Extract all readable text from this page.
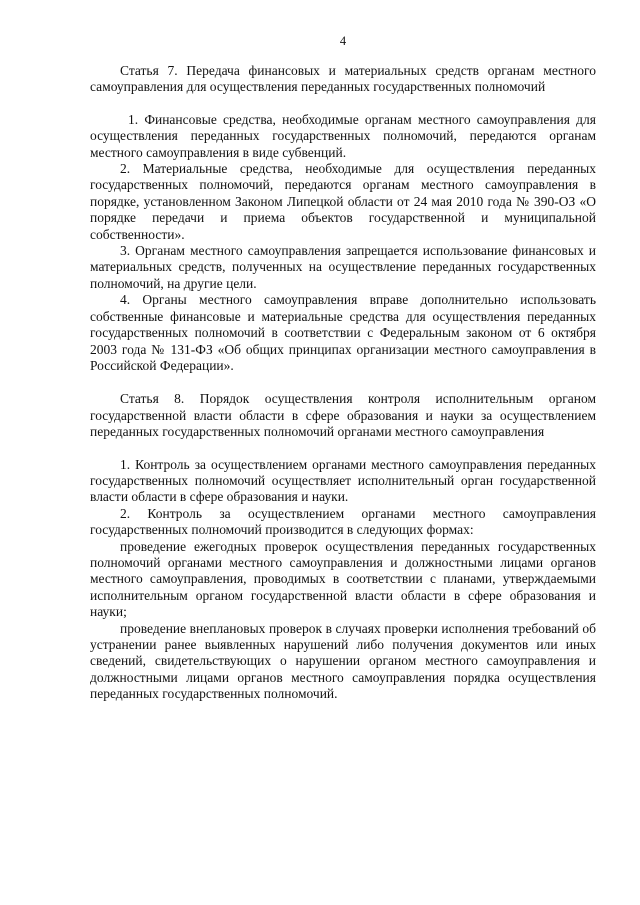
4

Статья 7. Передача финансовых и материальных средств органам местного самоуправления для осуществления переданных государственных полномочий

1. Финансовые средства, необходимые органам местного самоуправления для осуществления переданных государственных полномочий, передаются органам местного самоуправления в виде субвенций.

2. Материальные средства, необходимые для осуществления переданных государственных полномочий, передаются органам местного самоуправления в порядке, установленном Законом Липецкой области от 24 мая 2010 года № 390-ОЗ «О порядке передачи и приема объектов государственной и муниципальной собственности».

3. Органам местного самоуправления запрещается использование финансовых и материальных средств, полученных на осуществление переданных государственных полномочий, на другие цели.

4. Органы местного самоуправления вправе дополнительно использовать собственные финансовые и материальные средства для осуществления переданных государственных полномочий в соответствии с Федеральным законом от 6 октября 2003 года № 131-ФЗ «Об общих принципах организации местного самоуправления в Российской Федерации».

Статья 8. Порядок осуществления контроля исполнительным органом государственной власти области в сфере образования и науки за осуществлением переданных государственных полномочий органами местного самоуправления

1. Контроль за осуществлением органами местного самоуправления переданных государственных полномочий осуществляет исполнительный орган государственной власти области в сфере образования и науки.

2. Контроль за осуществлением органами местного самоуправления государственных полномочий производится в следующих формах:

проведение ежегодных проверок осуществления переданных государственных полномочий органами местного самоуправления и должностными лицами органов местного самоуправления, проводимых в соответствии с планами, утверждаемыми исполнительным органом государственной власти области в сфере образования и науки;

проведение внеплановых проверок в случаях проверки исполнения требований об устранении ранее выявленных нарушений либо получения документов или иных сведений, свидетельствующих о нарушении органом местного самоуправления и должностными лицами органов местного самоуправления порядка осуществления переданных государственных полномочий.
